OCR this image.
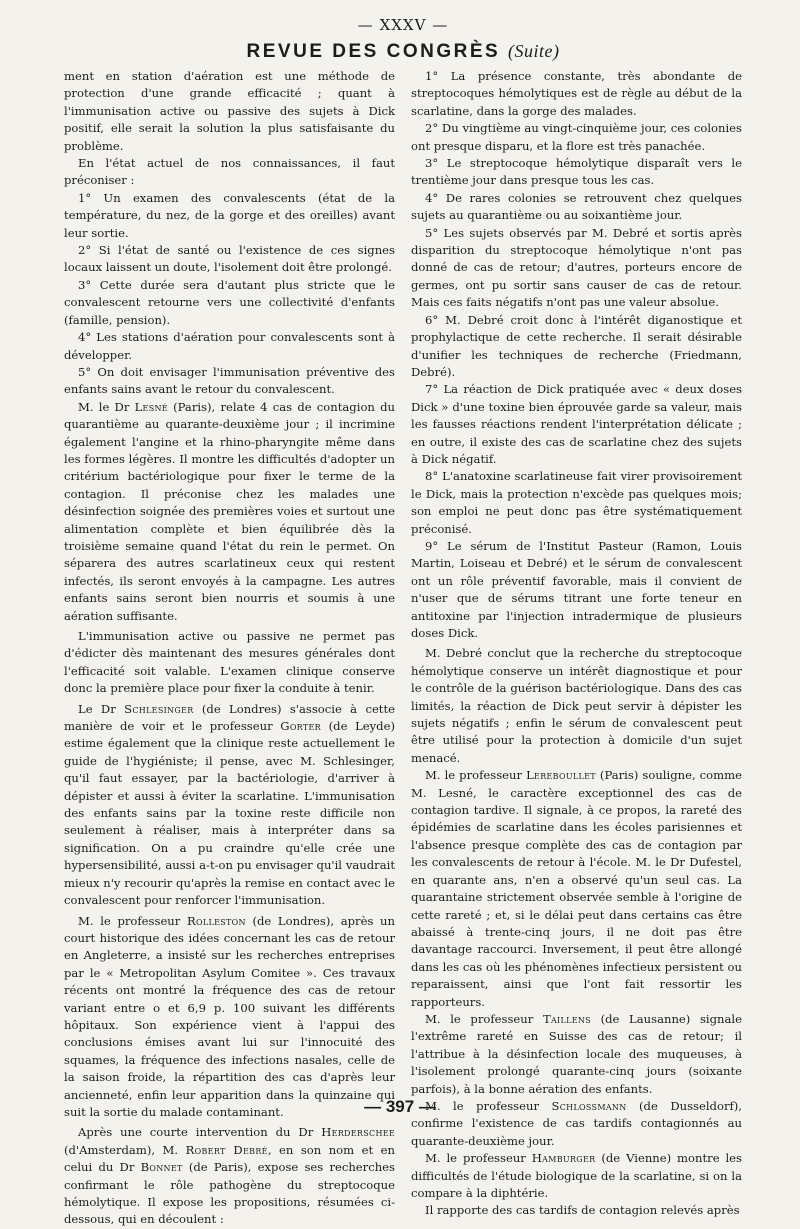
— XXXV —
REVUE DES CONGRÈS (Suite)

ment en station d'aération est une méthode de protection d'une grande efficacité ; quant à l'immunisation active ou passive des sujets à Dick positif, elle serait la solution la plus satisfaisante du problème.

En l'état actuel de nos connaissances, il faut préconiser :

1° Un examen des convalescents (état de la température, du nez, de la gorge et des oreilles) avant leur sortie.

2° Si l'état de santé ou l'existence de ces signes locaux laissent un doute, l'isolement doit être prolongé.

3° Cette durée sera d'autant plus stricte que le convalescent retourne vers une collectivité d'enfants (famille, pension).

4° Les stations d'aération pour convalescents sont à développer.

5° On doit envisager l'immunisation préventive des enfants sains avant le retour du convalescent.

M. le Dr Lesné (Paris), relate 4 cas de contagion du quarantième au quarante-deuxième jour ; il incrimine également l'angine et la rhino-pharyngite même dans les formes légères. Il montre les difficultés d'adopter un critérium bactériologique pour fixer le terme de la contagion. Il préconise chez les malades une désinfection soignée des premières voies et surtout une alimentation complète et bien équilibrée dès la troisième semaine quand l'état du rein le permet. On séparera des autres scarlatineux ceux qui restent infectés, ils seront envoyés à la campagne. Les autres enfants sains seront bien nourris et soumis à une aération suffisante.

L'immunisation active ou passive ne permet pas d'édicter dès maintenant des mesures générales dont l'efficacité soit valable. L'examen clinique conserve donc la première place pour fixer la conduite à tenir.

Le Dr Schlesinger (de Londres) s'associe à cette manière de voir et le professeur Gorter (de Leyde) estime également que la clinique reste actuellement le guide de l'hygiéniste; il pense, avec M. Schlesinger, qu'il faut essayer, par la bactériologie, d'arriver à dépister et aussi à éviter la scarlatine. L'immunisation des enfants sains par la toxine reste difficile non seulement à réaliser, mais à interpréter dans sa signification. On a pu craindre qu'elle crée une hypersensibilité, aussi a-t-on pu envisager qu'il vaudrait mieux n'y recourir qu'après la remise en contact avec le convalescent pour renforcer l'immunisation.

M. le professeur Rolleston (de Londres), après un court historique des idées concernant les cas de retour en Angleterre, a insisté sur les recherches entreprises par le « Metropolitan Asylum Comitee ». Ces travaux récents ont montré la fréquence des cas de retour variant entre o et 6,9 p. 100 suivant les différents hôpitaux. Son expérience vient à l'appui des conclusions émises avant lui sur l'innocuité des squames, la fréquence des infections nasales, celle de la saison froide, la répartition des cas d'après leur ancienneté, enfin leur apparition dans la quinzaine qui suit la sortie du malade contaminant.

Après une courte intervention du Dr Herderschee (d'Amsterdam), M. Robert Debré, en son nom et en celui du Dr Bonnet (de Paris), expose ses recherches confirmant le rôle pathogène du streptocoque hémolytique. Il expose les propositions, résumées ci-dessous, qui en découlent :

1° La présence constante, très abondante de streptocoques hémolytiques est de règle au début de la scarlatine, dans la gorge des malades.

2° Du vingtième au vingt-cinquième jour, ces colonies ont presque disparu, et la flore est très panachée.

3° Le streptocoque hémolytique disparaît vers le trentième jour dans presque tous les cas.

4° De rares colonies se retrouvent chez quelques sujets au quarantième ou au soixantième jour.

5° Les sujets observés par M. Debré et sortis après disparition du streptocoque hémolytique n'ont pas donné de cas de retour; d'autres, porteurs encore de germes, ont pu sortir sans causer de cas de retour. Mais ces faits négatifs n'ont pas une valeur absolue.

6° M. Debré croit donc à l'intérêt diganostique et prophylactique de cette recherche. Il serait désirable d'unifier les techniques de recherche (Friedmann, Debré).

7° La réaction de Dick pratiquée avec « deux doses Dick » d'une toxine bien éprouvée garde sa valeur, mais les fausses réactions rendent l'interprétation délicate ; en outre, il existe des cas de scarlatine chez des sujets à Dick négatif.

8° L'anatoxine scarlatineuse fait virer provisoirement le Dick, mais la protection n'excède pas quelques mois; son emploi ne peut donc pas être systématiquement préconisé.

9° Le sérum de l'Institut Pasteur (Ramon, Louis Martin, Loiseau et Debré) et le sérum de convalescent ont un rôle préventif favorable, mais il convient de n'user que de sérums titrant une forte teneur en antitoxine par l'injection intradermique de plusieurs doses Dick.

M. Debré conclut que la recherche du streptocoque hémolytique conserve un intérêt diagnostique et pour le contrôle de la guérison bactériologique. Dans des cas limités, la réaction de Dick peut servir à dépister les sujets négatifs ; enfin le sérum de convalescent peut être utilisé pour la protection à domicile d'un sujet menacé.

M. le professeur Lereboullet (Paris) souligne, comme M. Lesné, le caractère exceptionnel des cas de contagion tardive. Il signale, à ce propos, la rareté des épidémies de scarlatine dans les écoles parisiennes et l'absence presque complète des cas de contagion par les convalescents de retour à l'école. M. le Dr Dufestel, en quarante ans, n'en a observé qu'un seul cas. La quarantaine strictement observée semble à l'origine de cette rareté ; et, si le délai peut dans certains cas être abaissé à trente-cinq jours, il ne doit pas être davantage raccourci. Inversement, il peut être allongé dans les cas où les phénomènes infectieux persistent ou reparaissent, ainsi que l'ont fait ressortir les rapporteurs.

M. le professeur Taillens (de Lausanne) signale l'extrême rareté en Suisse des cas de retour; il l'attribue à la désinfection locale des muqueuses, à l'isolement prolongé quarante-cinq jours (soixante parfois), à la bonne aération des enfants.

M. le professeur Schlossmann (de Dusseldorf), confirme l'existence de cas tardifs contagionnés au quarante-deuxième jour.

M. le professeur Hamburger (de Vienne) montre les difficultés de l'étude biologique de la scarlatine, si on la compare à la diphtérie.

Il rapporte des cas tardifs de contagion relevés après

— 397 —
